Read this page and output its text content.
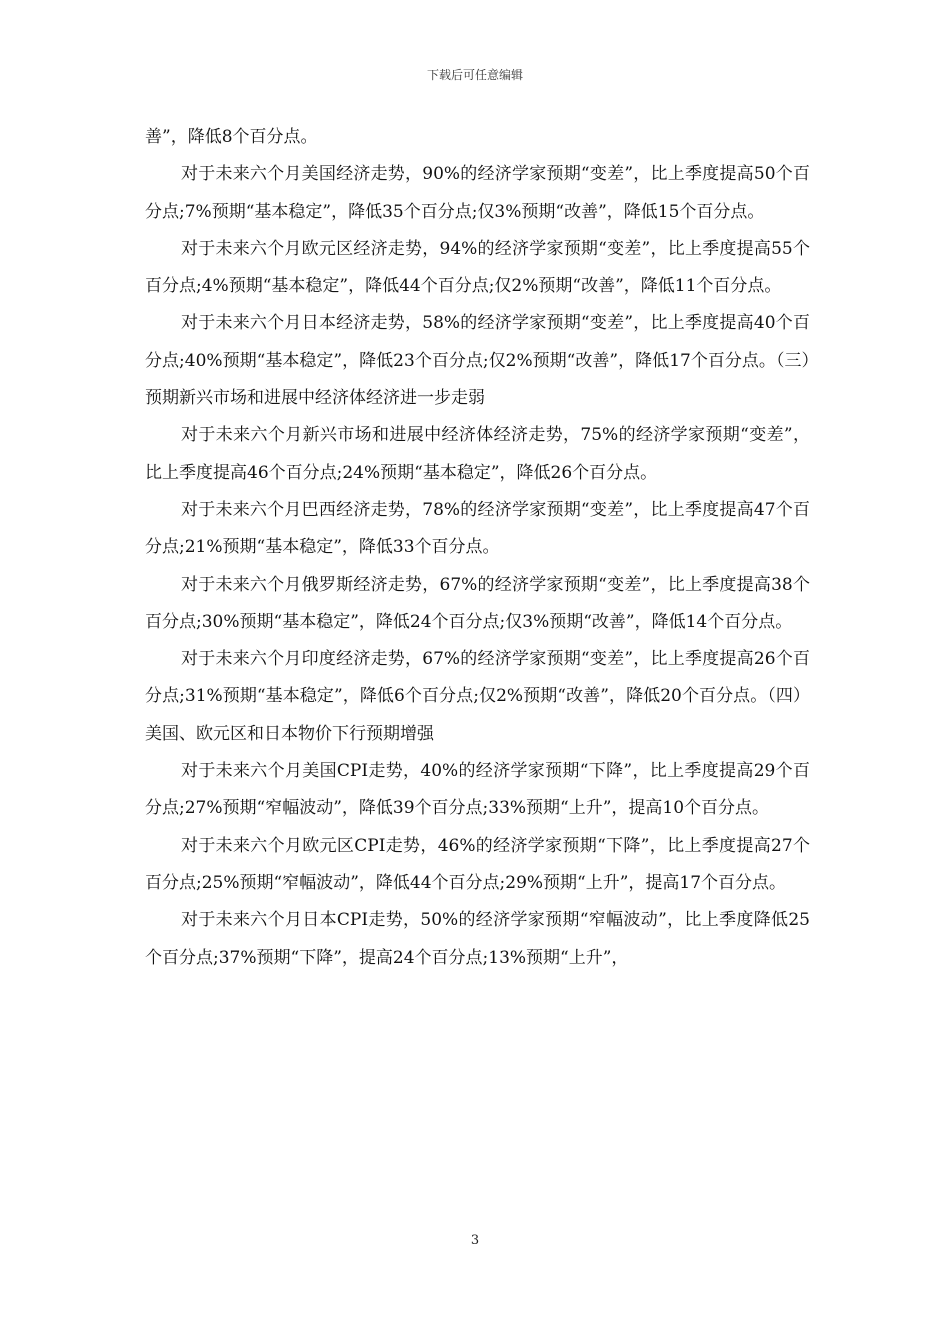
下载后可任意编辑

善”，降低8个百分点。

对于未来六个月美国经济走势，90%的经济学家预期“变差”，比上季度提高50个百分点;7%预期“基本稳定”，降低35个百分点;仅3%预期“改善”，降低15个百分点。

对于未来六个月欧元区经济走势，94%的经济学家预期“变差”，比上季度提高55个百分点;4%预期“基本稳定”，降低44个百分点;仅2%预期“改善”，降低11个百分点。

对于未来六个月日本经济走势，58%的经济学家预期“变差”，比上季度提高40个百分点;40%预期“基本稳定”，降低23个百分点;仅2%预期“改善”，降低17个百分点。（三）预期新兴市场和进展中经济体经济进一步走弱

对于未来六个月新兴市场和进展中经济体经济走势，75%的经济学家预期“变差”，比上季度提高46个百分点;24%预期“基本稳定”，降低26个百分点。

对于未来六个月巴西经济走势，78%的经济学家预期“变差”，比上季度提高47个百分点;21%预期“基本稳定”，降低33个百分点。

对于未来六个月俄罗斯经济走势，67%的经济学家预期“变差”，比上季度提高38个百分点;30%预期“基本稳定”，降低24个百分点;仅3%预期“改善”，降低14个百分点。

对于未来六个月印度经济走势，67%的经济学家预期“变差”，比上季度提高26个百分点;31%预期“基本稳定”，降低6个百分点;仅2%预期“改善”，降低20个百分点。（四）美国、欧元区和日本物价下行预期增强

对于未来六个月美国CPI走势，40%的经济学家预期“下降”，比上季度提高29个百分点;27%预期“窄幅波动”，降低39个百分点;33%预期“上升”，提高10个百分点。

对于未来六个月欧元区CPI走势，46%的经济学家预期“下降”，比上季度提高27个百分点;25%预期“窄幅波动”，降低44个百分点;29%预期“上升”，提高17个百分点。

对于未来六个月日本CPI走势，50%的经济学家预期“窄幅波动”，比上季度降低25个百分点;37%预期“下降”，提高24个百分点;13%预期“上升”，

3
